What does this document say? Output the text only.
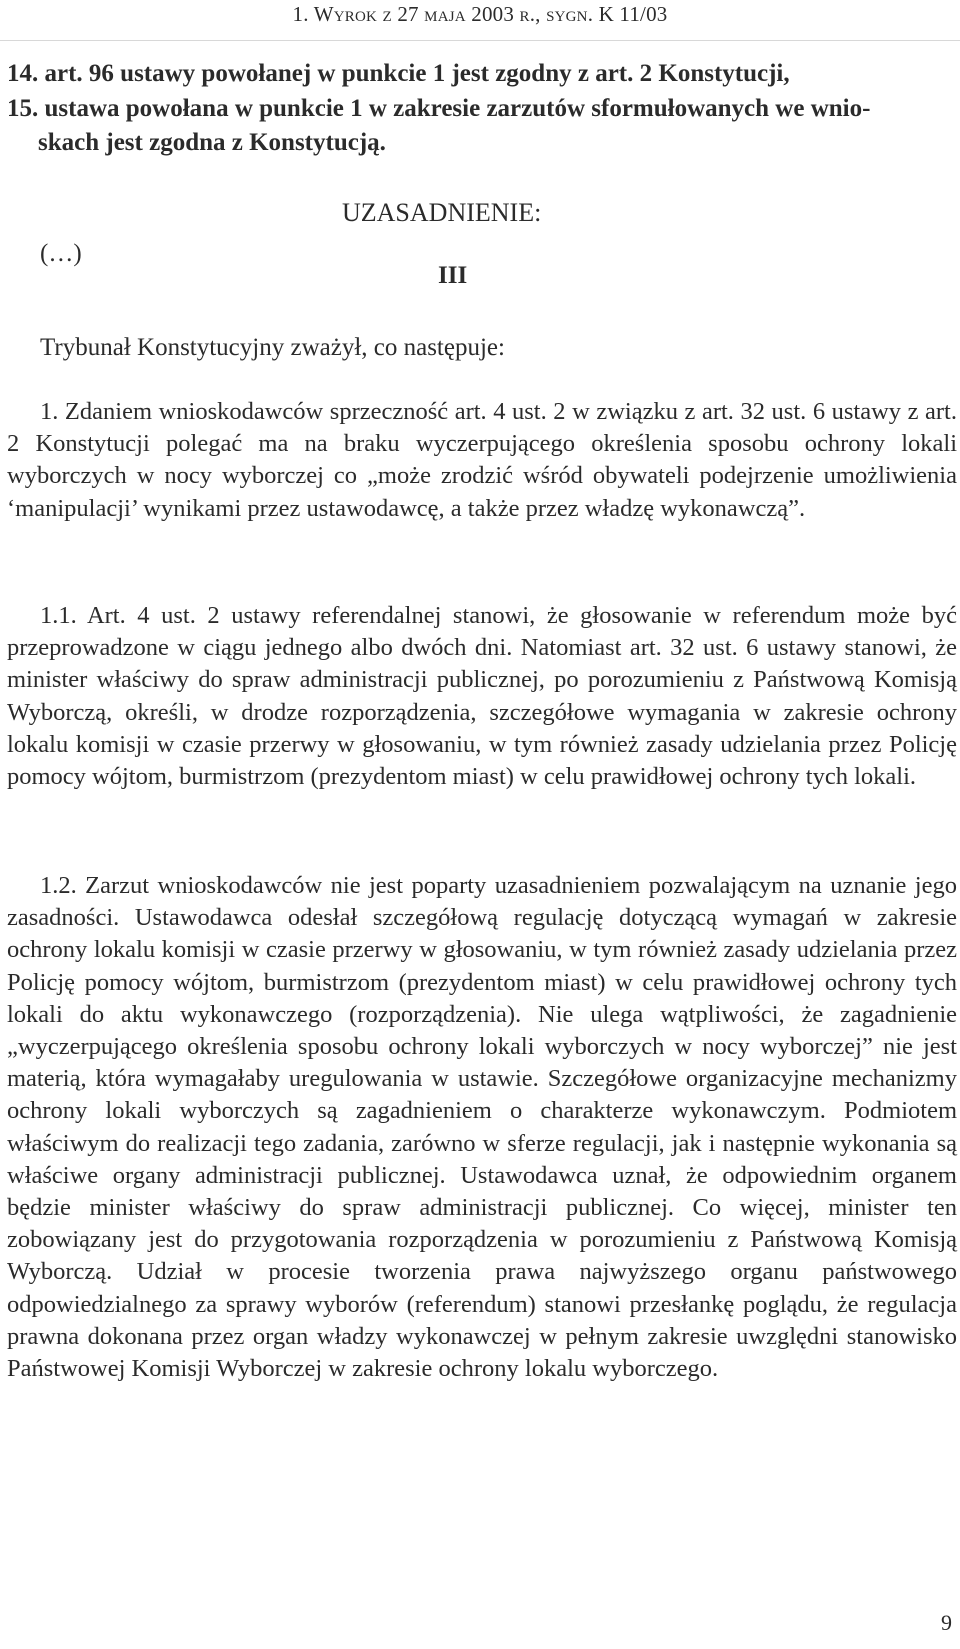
1. Wyrok z 27 maja 2003 r., sygn. K 11/03
14. art. 96 ustawy powołanej w punkcie 1 jest zgodny z art. 2 Konstytucji,
15. ustawa powołana w punkcie 1 w zakresie zarzutów sformułowanych we wnio-
skach jest zgodna z Konstytucją.
UZASADNIENIE:
(…)
III
Trybunał Konstytucyjny zważył, co następuje:
1. Zdaniem wnioskodawców sprzeczność art. 4 ust. 2 w związku z art. 32 ust. 6 ustawy z art. 2 Konstytucji polegać ma na braku wyczerpującego określenia sposobu ochrony lokali wyborczych w nocy wyborczej co „może zrodzić wśród obywateli podejrzenie umożliwienia ‘manipulacji’ wynikami przez ustawodawcę, a także przez władzę wykonawczą”.
1.1. Art. 4 ust. 2 ustawy referendalnej stanowi, że głosowanie w referendum może być przeprowadzone w ciągu jednego albo dwóch dni. Natomiast art. 32 ust. 6 ustawy stanowi, że minister właściwy do spraw administracji publicznej, po porozumieniu z Państwową Komisją Wyborczą, określi, w drodze rozporządzenia, szczegółowe wymagania w zakresie ochrony lokalu komisji w czasie przerwy w głosowaniu, w tym również zasady udzielania przez Policję pomocy wójtom, burmistrzom (prezydentom miast) w celu prawidłowej ochrony tych lokali.
1.2. Zarzut wnioskodawców nie jest poparty uzasadnieniem pozwalającym na uznanie jego zasadności. Ustawodawca odesłał szczegółową regulację dotyczącą wymagań w zakresie ochrony lokalu komisji w czasie przerwy w głosowaniu, w tym również zasady udzielania przez Policję pomocy wójtom, burmistrzom (prezydentom miast) w celu prawidłowej ochrony tych lokali do aktu wykonawczego (rozporządzenia). Nie ulega wątpliwości, że zagadnienie „wyczerpującego określenia sposobu ochrony lokali wyborczych w nocy wyborczej” nie jest materią, która wymagałaby uregulowania w ustawie. Szczegółowe organizacyjne mechanizmy ochrony lokali wyborczych są zagadnieniem o charakterze wykonawczym. Podmiotem właściwym do realizacji tego zadania, zarówno w sferze regulacji, jak i następnie wykonania są właściwe organy administracji publicznej. Ustawodawca uznał, że odpowiednim organem będzie minister właściwy do spraw administracji publicznej. Co więcej, minister ten zobowiązany jest do przygotowania rozporządzenia w porozumieniu z Państwową Komisją Wyborczą. Udział w procesie tworzenia prawa najwyższego organu państwowego odpowiedzialnego za sprawy wyborów (referendum) stanowi przesłankę poglądu, że regulacja prawna dokonana przez organ władzy wykonawczej w pełnym zakresie uwzględni stanowisko Państwowej Komisji Wyborczej w zakresie ochrony lokalu wyborczego.
9
